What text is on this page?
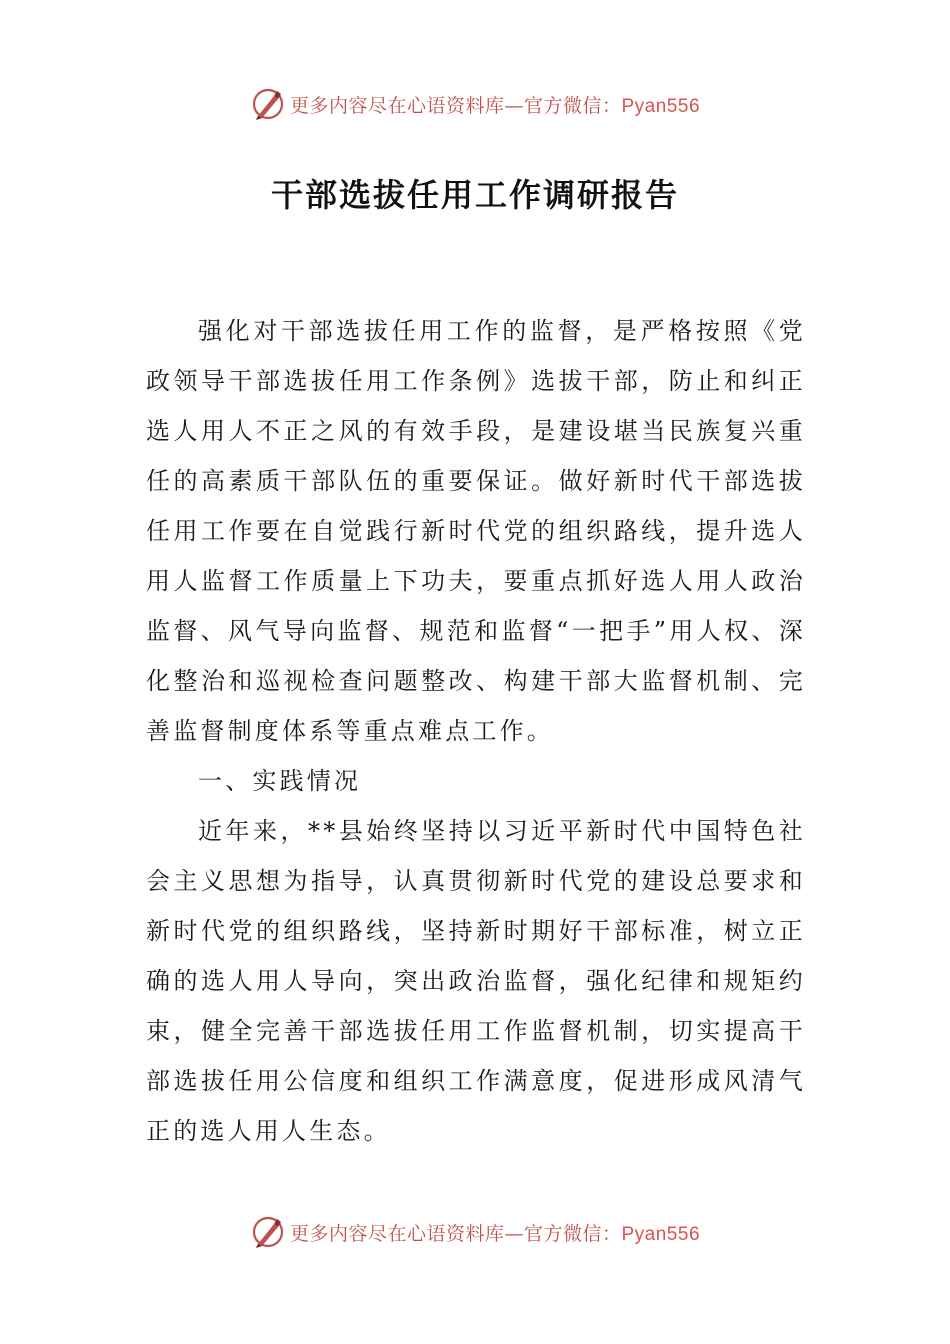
更多内容尽在心语资料库—官方微信：Pyan556
干部选拔任用工作调研报告

强化对干部选拔任用工作的监督，是严格按照《党政领导干部选拔任用工作条例》选拔干部，防止和纠正选人用人不正之风的有效手段，是建设堪当民族复兴重任的高素质干部队伍的重要保证。做好新时代干部选拔任用工作要在自觉践行新时代党的组织路线，提升选人用人监督工作质量上下功夫，要重点抓好选人用人政治监督、风气导向监督、规范和监督“一把手”用人权、深化整治和巡视检查问题整改、构建干部大监督机制、完善监督制度体系等重点难点工作。

一、实践情况

近年来，**县始终坚持以习近平新时代中国特色社会主义思想为指导，认真贯彻新时代党的建设总要求和新时代党的组织路线，坚持新时期好干部标准，树立正确的选人用人导向，突出政治监督，强化纪律和规矩约束，健全完善干部选拔任用工作监督机制，切实提高干部选拔任用公信度和组织工作满意度，促进形成风清气正的选人用人生态。

更多内容尽在心语资料库—官方微信：Pyan556
